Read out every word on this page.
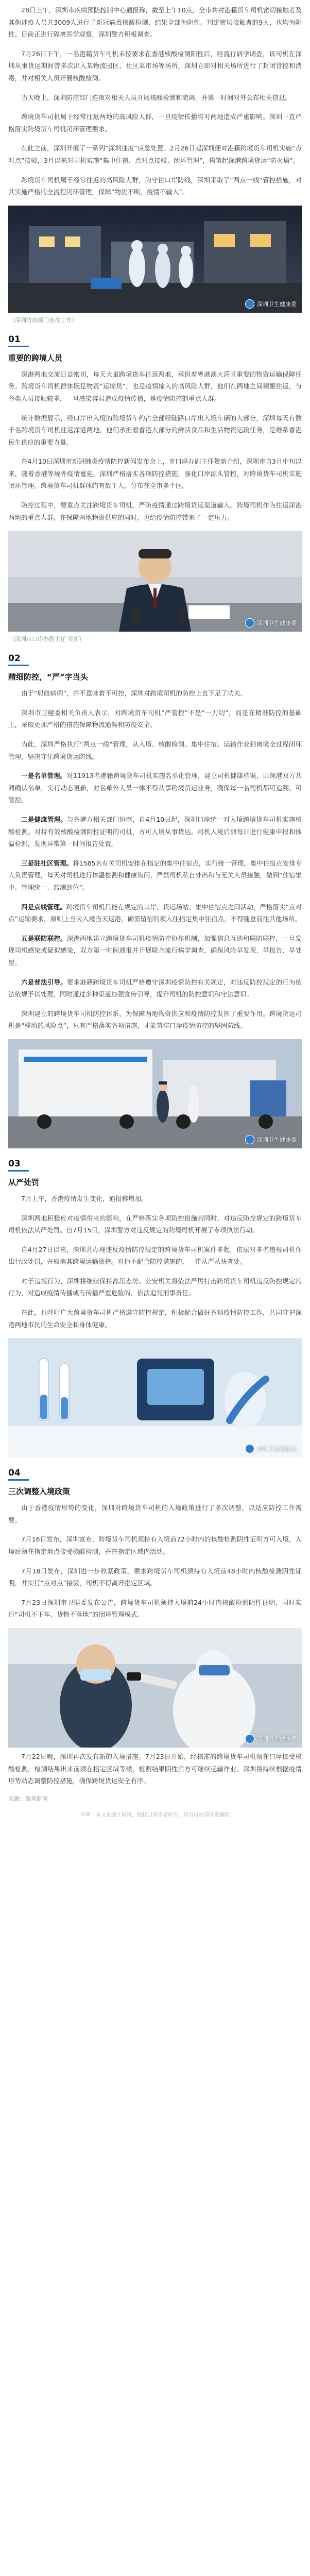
28日上午，深圳市疾病预防控制中心通报称，截至上午10点，全市共对港籍货车司机密切接触者及其他涉疫人员共3009人进行了新冠病毒核酸检测，结果全部为阴性。判定密切接触者的9人，也均为阴性。目前正进行隔离医学观察，深圳警方积极调查。

7月26日下午，一名港籍货车司机未按要求在香港核酸检测阳性后，经流行病学调查，该司机在深圳从事货运期间曾多次出入某物流园区、社区菜市场等场所，深圳立即对相关场所进行了封闭管控和消毒，并对相关人员开展核酸检测。

当天晚上，深圳防控部门连夜对相关人员开展核酸检测和流调，并第一时间对外公布相关信息。

跨境货车司机属于经常往返两地的高风险人群，一旦疫情传播将对两地造成严重影响。深圳一直严格落实跨境货车司机闭环管理要求。

在此之前，深圳开展了一系列“深圳速度”应急处置。2月26日起深圳便对港籍跨境货车司机实施“点对点”接驳，3月以来对司机实施“集中住宿、点对点接驳、闭环管理”，构筑起深港跨境货运“防火墙”。

跨境货车司机属于经常往返的高风险人群，为守住口岸防线，深圳采取了“两点一线”管控措施，对其实施严格的全流程闭环管理，保障“物流不断，疫情不输入”。

深圳卫生健康委
（深圳防疫部门连夜工作）
01
重要的跨境人员

深港两地交流日益密切，每天大量跨境货车往返两地，承担着粤港澳大湾区重要的物资运输保障任务。跨境货车司机群体既是物资“运输员”，也是疫情输入的高风险人群，他们在两地之间频繁往返，与各类人员接触较多，一旦感染容易造成疫情传播，是疫情防控的重点人群。

统计数据显示，经口岸出入境的跨境货车约占全部经陆路口岸出入境车辆的大部分，深圳每天有数千名跨境货车司机往返深港两地，他们承担着香港大部分的鲜活食品和生活物资运输任务，是维系香港民生供应的重要力量。

在4月10日深圳市新冠肺炎疫情防控新闻发布会上，市口岸办副主任贺新介绍，深圳市自3月中旬以来，随着香港等境外疫情蔓延，深圳严格落实各项防控措施，强化口岸源头管控，对跨境货车司机实施闭环管理。跨境货车司机群体约有数千人，分布在全市多个区。

防控过程中，要重点关注跨境货车司机，严防疫情通过跨境货运渠道输入。跨境司机作为往返深港两地的重点人群，在保障两地物资供应的同时，也给疫情防控带来了一定压力。

深圳卫生健康委
（深圳市口岸办副主任 贺新）
02
精细防控，“严”字当头

由于“船舱病例”，并不意味着不可控，深圳对跨境司机的防控上也下足了功夫。

深圳市卫健委相关负责人表示，对跨境货车司机“严管控”不是“一刀切”，而是在精准防控的基础上，采取更加严格的措施保障物流通畅和防疫安全。

为此，深圳严格执行“两点一线”管理，从入境、核酸检测、集中住宿、运输作业到离境全过程闭环管理，坚决守住跨境货运防线。

一是名单管理。对11913名港籍跨境货车司机实施名单化管理，建立司机健康档案，由深港双方共同确认名单，实行动态更新，对名单外人员一律不得从事跨境货运业务，确保每一名司机都可追溯、可管控。

二是健康管理。与各港方相关部门协商，自4月10日起，深圳口岸统一对入境跨境货车司机实施核酸检测。对持有效核酸检测阴性证明的司机，方可入境从事货运。司机入境后须每日进行健康申报和体温检测，发现异常第一时间报告处置。

三是驻社区管理。将1585名有关司机安排在指定的集中住宿点，实行统一管理，集中住宿点安排专人负责管理，每天对司机进行体温检测和健康询问，严禁司机私自外出和与无关人员接触，做到“住宿集中、管理统一、监测到位”。

四是点线管理。跨境货车司机只能在规定的口岸、货运场站、集中住宿点之间活动，严格落实“点对点”运输要求，原则上当天入境当天返港，确需留宿的须入住指定集中住宿点，不得随意前往其他场所。

五是联防联控。深港两地建立跨境货车司机疫情防控协作机制，加强信息互通和联防联控，一旦发现司机感染或疑似感染，双方第一时间通报并开展联合流行病学调查，确保风险早发现、早报告、早处置。

六是普法引导。要求港籍跨境货车司机严格遵守深圳疫情防控有关规定，对违反防控规定的行为依法依规予以处理，同时通过多种渠道加强宣传引导，提升司机的防控意识和守法意识。

深圳建立的跨境货车司机防控体系，为保障两地物资供应和疫情防控发挥了重要作用。跨境货运司机是“移动的风险点”，只有严格落实各项措施，才能筑牢口岸疫情防控的坚固防线。

深圳卫生健康委
03
从严处罚

7月上午，香港疫情发生变化，通报称增加。

深圳两地积极应对疫情带来的影响，在严格落实各项防控措施的同时，对违反防控规定的跨境货车司机依法从严处罚。自7月15日，深圳警方对违反规定的跨境司机开展了专项执法行动。

自4月27日以来，深圳共办理违反疫情防控规定的跨境货车司机案件多起，依法对多名违规司机作出行政处罚，并取消其跨境运输资格。对拒不配合防控措施的，一律从严从快查处。

对于违规行为，深圳将继续保持高压态势。公安机关将依法严厉打击跨境货车司机违反防控规定的行为，对造成疫情传播或有传播严重危险的，依法追究刑事责任。

在此，也呼吁广大跨境货车司机严格遵守防控规定，积极配合做好各项疫情防控工作，共同守护深港两地市民的生命安全和身体健康。

深圳卫生健康委
04
三次调整入境政策

由于香港疫情形势的变化，深圳对跨境货车司机的入境政策进行了多次调整，以适应防控工作需要。

7月16日发布，深圳宣布，跨境货车司机须持有入境前72小时内的核酸检测阴性证明方可入境，入境后须在指定地点接受核酸检测，并在指定区域内活动。

7月18日发布，深圳进一步收紧政策，要求跨境货车司机须持有入境前48小时内核酸检测阴性证明，并实行“点对点”接驳，司机不得离开指定区域。

7月23日深圳市卫健委发布公告，跨境货车司机须持入境前24小时内核酸检测阴性证明，同时实行“司机不下车、货物不落地”的闭环管理模式。

深圳卫生健康委

7月22日晚，深圳再次发布新的入境措施。7月23日开始，经核准的跨境货车司机须在口岸接受核酸检测，检测结果出来前须在指定区域等候，检测结果阴性后方可继续运输作业。深圳将持续根据疫情形势动态调整防控措施，确保跨境货运安全有序。

来源：深圳新闻
声明：本文来源于网络，版权归原作者所有，如有侵权请联系删除
